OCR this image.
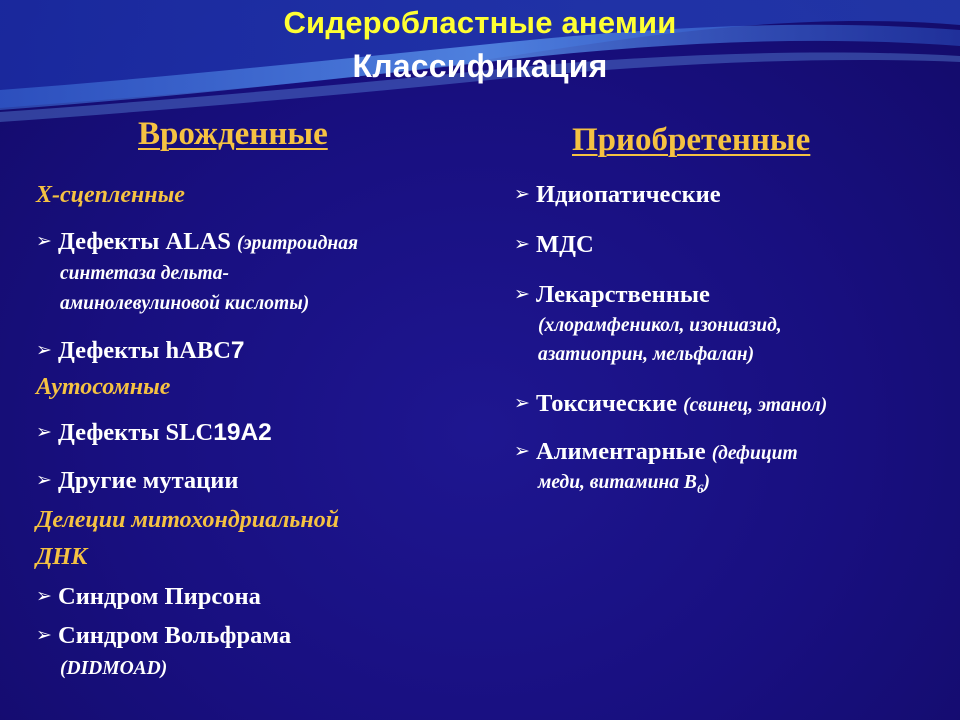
Сидеробластные анемии
Классификация
Врожденные
Х-сцепленные
➢ Дефекты ALAS (эритроидная
синтетаза дельта-
аминолевулиновой кислоты)
➢ Дефекты hABC7
Аутосомные
➢ Дефекты SLC19A2
➢ Другие мутации
Делеции митохондриальной
ДНК
➢ Синдром Пирсона
➢ Синдром Вольфрама
(DIDMOAD)
Приобретенные
➢ Идиопатические
➢ МДС
➢ Лекарственные
(хлорамфеникол, изониазид,
азатиоприн, мельфалан)
➢ Токсические (свинец, этанол)
➢ Алиментарные (дефицит
меди, витамина $В_6$)
